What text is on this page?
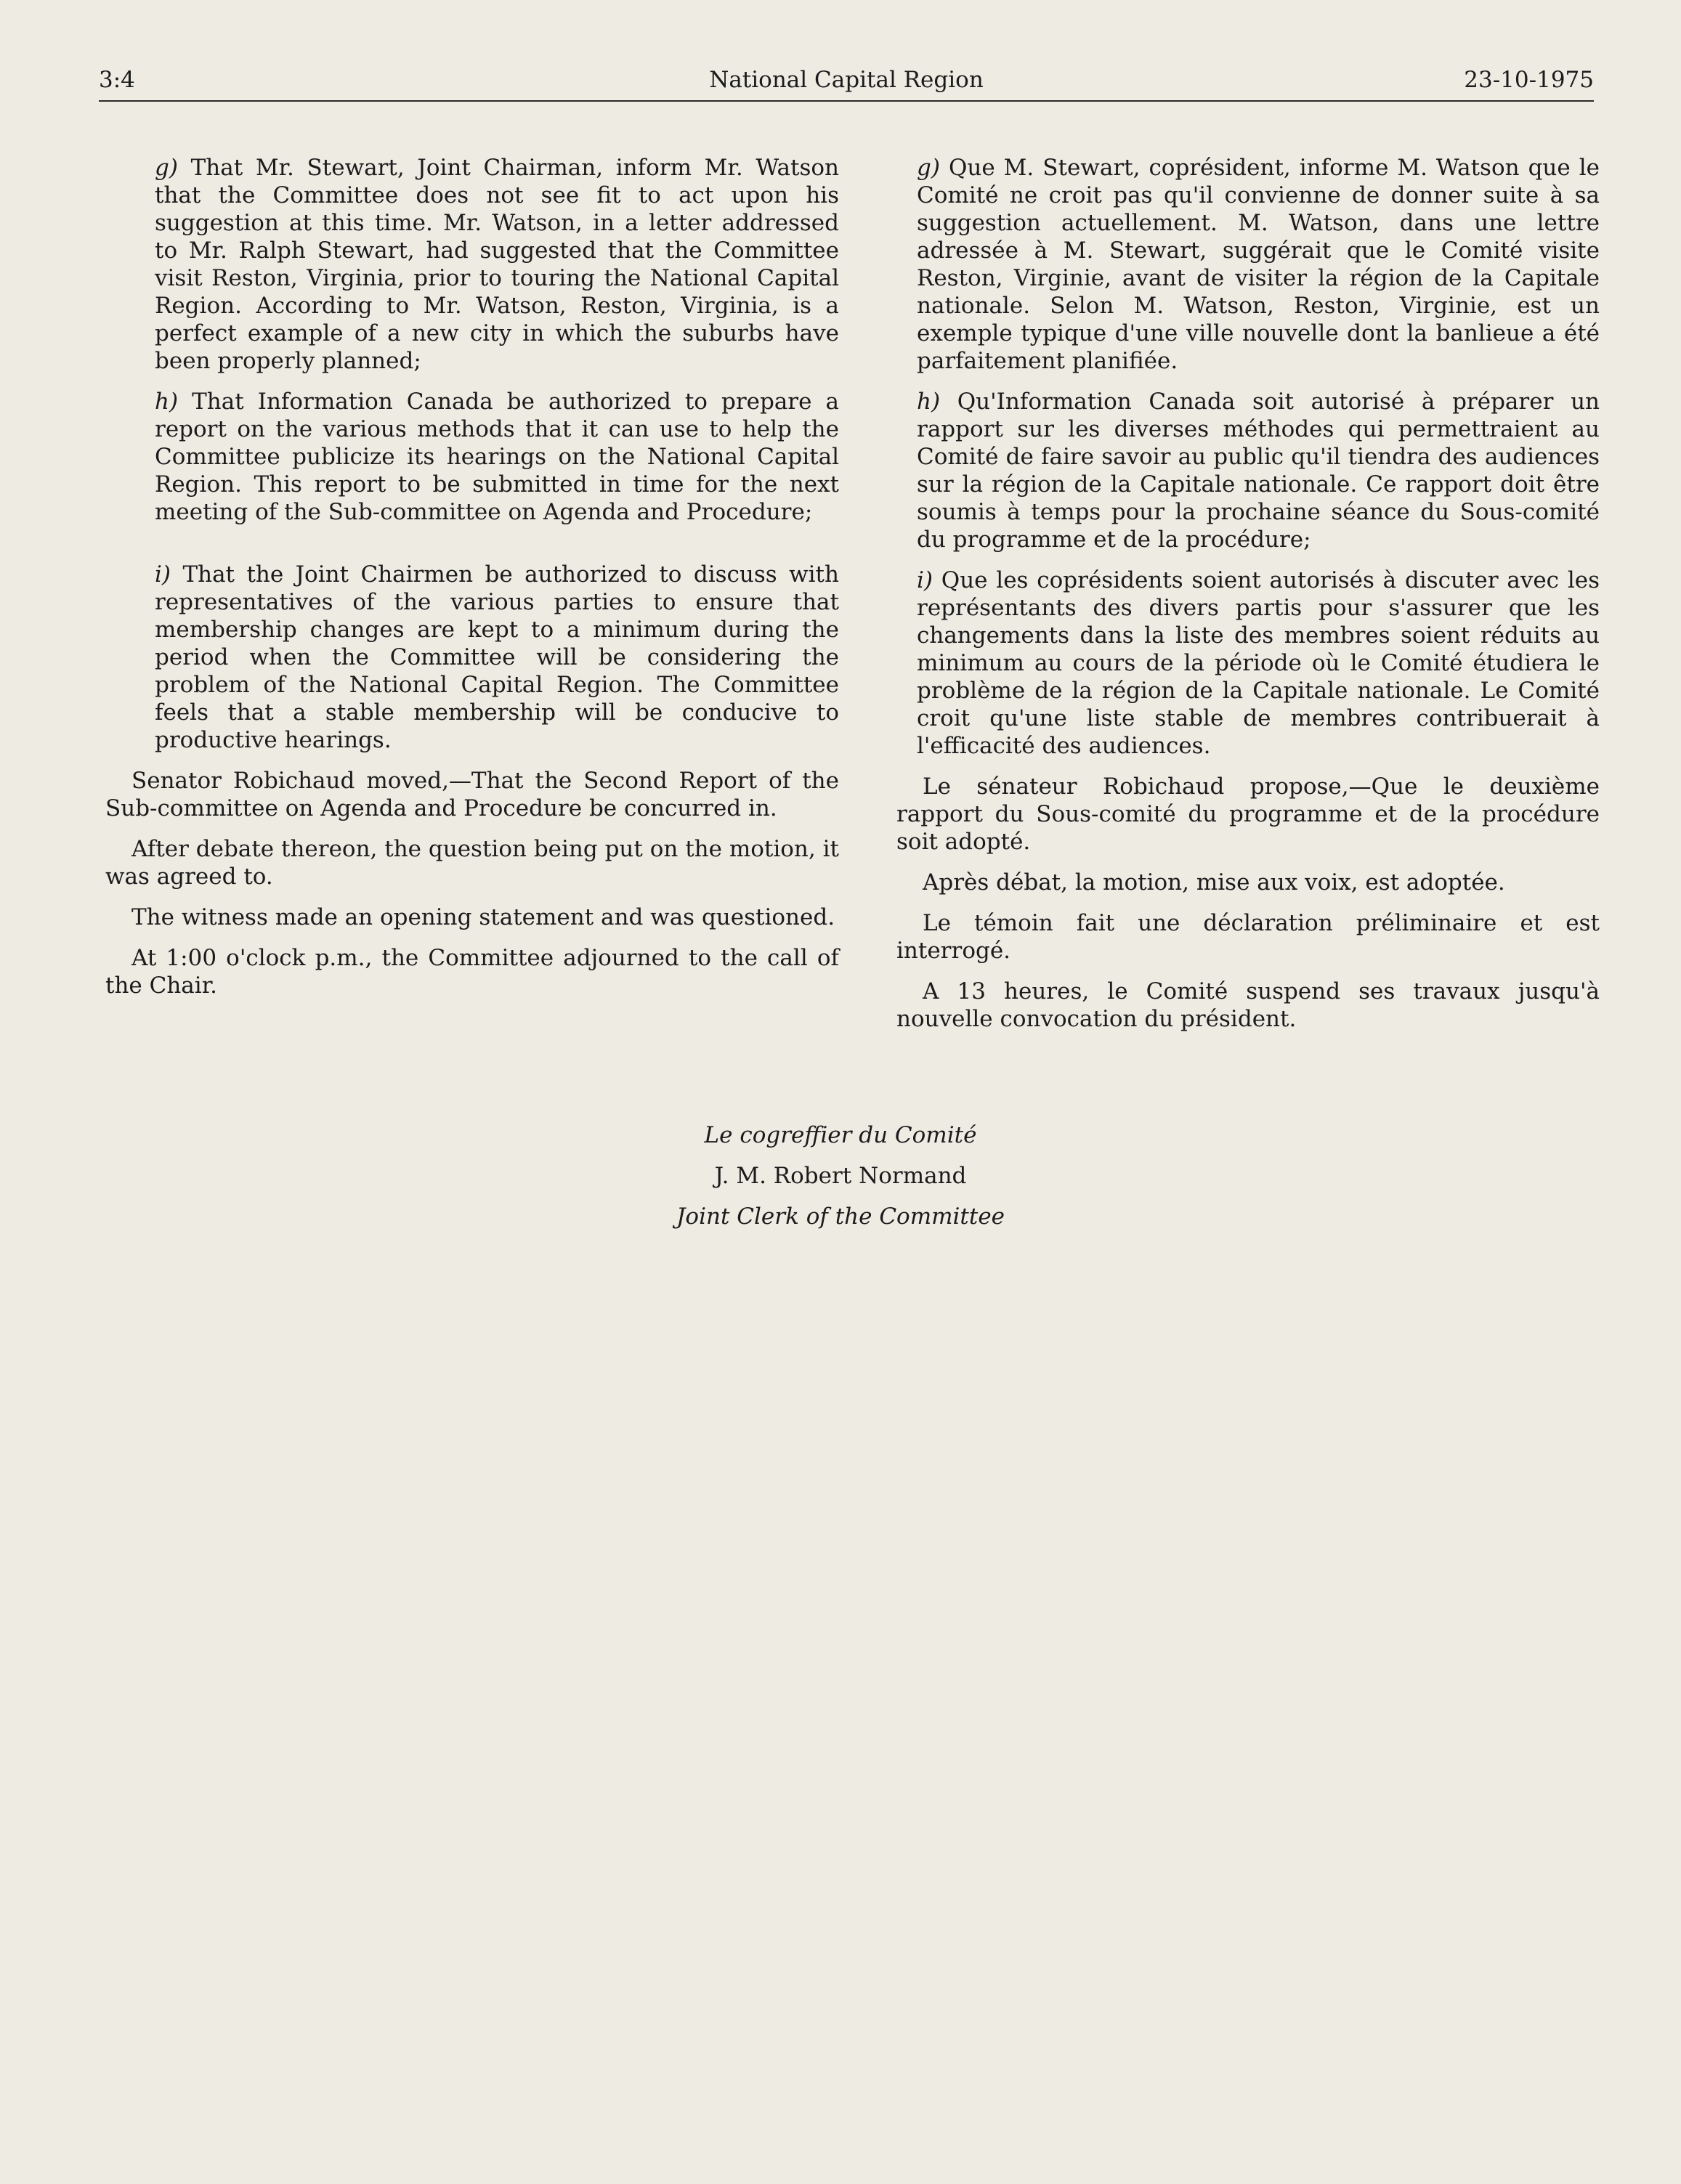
3:4	National Capital Region	23-10-1975

g) That Mr. Stewart, Joint Chairman, inform Mr. Watson that the Committee does not see fit to act upon his suggestion at this time. Mr. Watson, in a letter addressed to Mr. Ralph Stewart, had suggested that the Committee visit Reston, Virginia, prior to touring the National Capital Region. According to Mr. Watson, Reston, Virginia, is a perfect example of a new city in which the suburbs have been properly planned;

h) That Information Canada be authorized to prepare a report on the various methods that it can use to help the Committee publicize its hearings on the National Capital Region. This report to be submitted in time for the next meeting of the Sub-committee on Agenda and Procedure;

i) That the Joint Chairmen be authorized to discuss with representatives of the various parties to ensure that membership changes are kept to a minimum during the period when the Committee will be considering the problem of the National Capital Region. The Committee feels that a stable membership will be conducive to productive hearings.

Senator Robichaud moved,—That the Second Report of the Sub-committee on Agenda and Procedure be concurred in.

After debate thereon, the question being put on the motion, it was agreed to.

The witness made an opening statement and was questioned.

At 1:00 o'clock p.m., the Committee adjourned to the call of the Chair.

g) Que M. Stewart, coprésident, informe M. Watson que le Comité ne croit pas qu'il convienne de donner suite à sa suggestion actuellement. M. Watson, dans une lettre adressée à M. Stewart, suggérait que le Comité visite Reston, Virginie, avant de visiter la région de la Capitale nationale. Selon M. Watson, Reston, Virginie, est un exemple typique d'une ville nouvelle dont la banlieue a été parfaitement planifiée.

h) Qu'Information Canada soit autorisé à préparer un rapport sur les diverses méthodes qui permettraient au Comité de faire savoir au public qu'il tiendra des audiences sur la région de la Capitale nationale. Ce rapport doit être soumis à temps pour la prochaine séance du Sous-comité du programme et de la procédure;

i) Que les coprésidents soient autorisés à discuter avec les représentants des divers partis pour s'assurer que les changements dans la liste des membres soient réduits au minimum au cours de la période où le Comité étudiera le problème de la région de la Capitale nationale. Le Comité croit qu'une liste stable de membres contribuerait à l'efficacité des audiences.

Le sénateur Robichaud propose,—Que le deuxième rapport du Sous-comité du programme et de la procédure soit adopté.

Après débat, la motion, mise aux voix, est adoptée.

Le témoin fait une déclaration préliminaire et est interrogé.

A 13 heures, le Comité suspend ses travaux jusqu'à nouvelle convocation du président.

Le cogreffier du Comité
J. M. Robert Normand
Joint Clerk of the Committee
